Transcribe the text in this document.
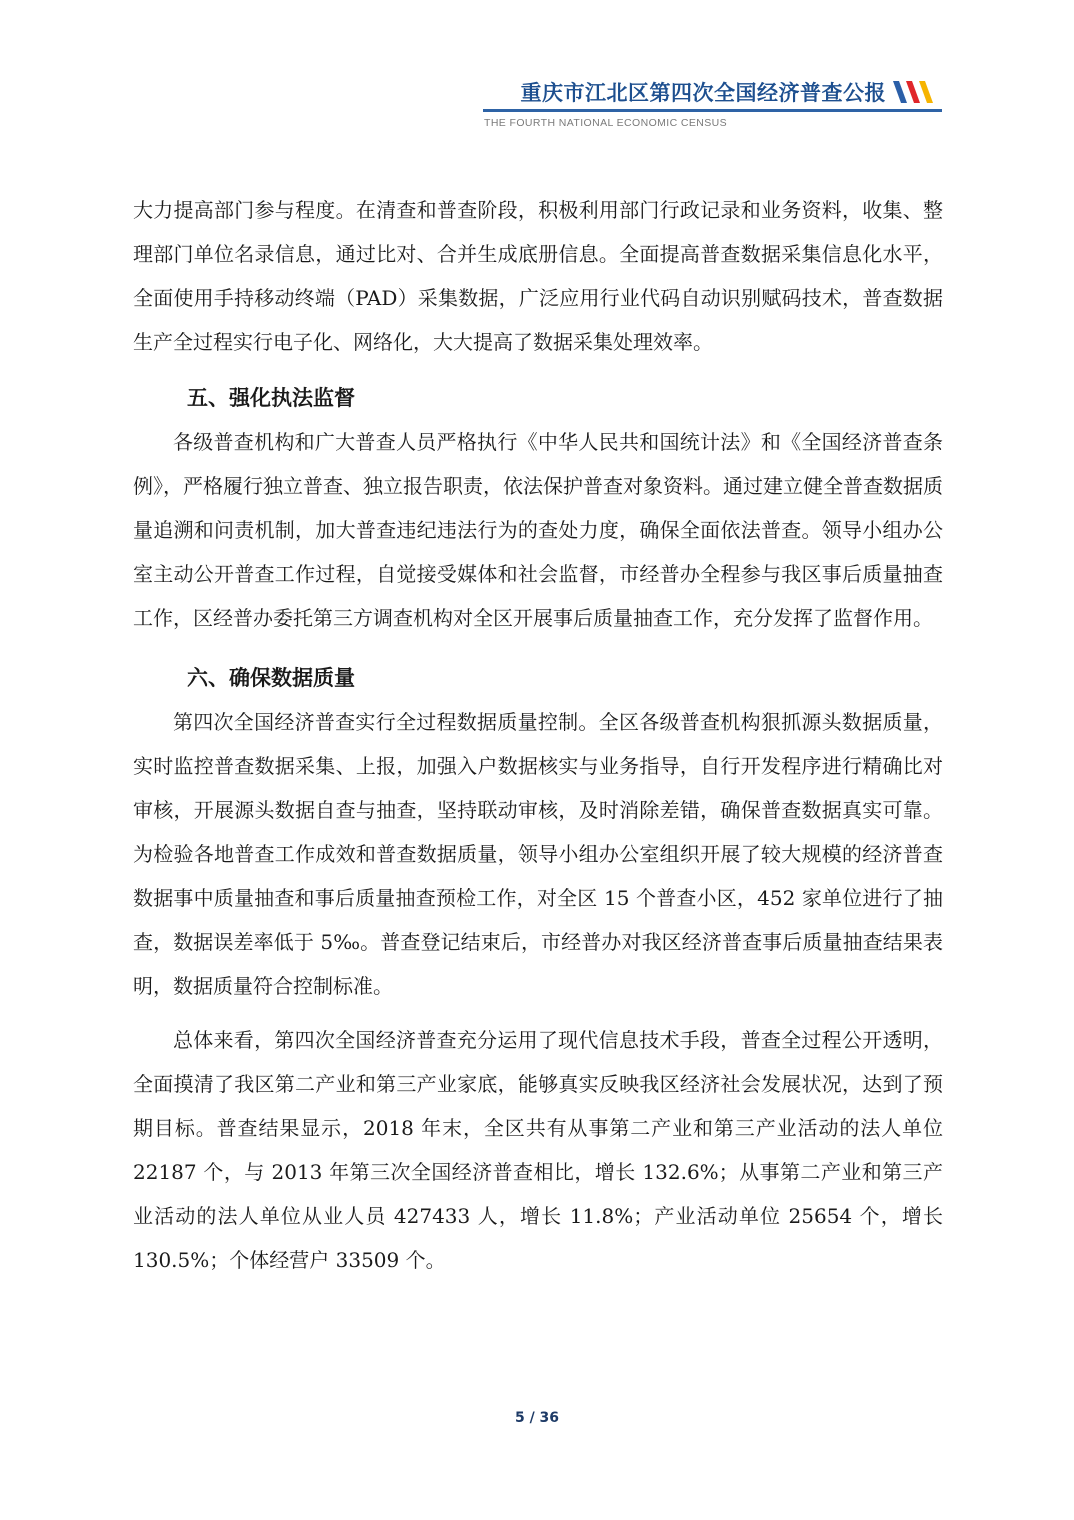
重庆市江北区第四次全国经济普查公报
THE FOURTH NATIONAL ECONOMIC CENSUS

大力提高部门参与程度。在清查和普查阶段，积极利用部门行政记录和业务资料，收集、整理部门单位名录信息，通过比对、合并生成底册信息。全面提高普查数据采集信息化水平，全面使用手持移动终端（PAD）采集数据，广泛应用行业代码自动识别赋码技术，普查数据生产全过程实行电子化、网络化，大大提高了数据采集处理效率。

五、强化执法监督

各级普查机构和广大普查人员严格执行《中华人民共和国统计法》和《全国经济普查条例》，严格履行独立普查、独立报告职责，依法保护普查对象资料。通过建立健全普查数据质量追溯和问责机制，加大普查违纪违法行为的查处力度，确保全面依法普查。领导小组办公室主动公开普查工作过程，自觉接受媒体和社会监督，市经普办全程参与我区事后质量抽查工作，区经普办委托第三方调查机构对全区开展事后质量抽查工作，充分发挥了监督作用。

六、确保数据质量

第四次全国经济普查实行全过程数据质量控制。全区各级普查机构狠抓源头数据质量，实时监控普查数据采集、上报，加强入户数据核实与业务指导，自行开发程序进行精确比对审核，开展源头数据自查与抽查，坚持联动审核，及时消除差错，确保普查数据真实可靠。为检验各地普查工作成效和普查数据质量，领导小组办公室组织开展了较大规模的经济普查数据事中质量抽查和事后质量抽查预检工作，对全区 15 个普查小区，452 家单位进行了抽查，数据误差率低于 5‰。普查登记结束后，市经普办对我区经济普查事后质量抽查结果表明，数据质量符合控制标准。

总体来看，第四次全国经济普查充分运用了现代信息技术手段，普查全过程公开透明，全面摸清了我区第二产业和第三产业家底，能够真实反映我区经济社会发展状况，达到了预期目标。普查结果显示，2018 年末，全区共有从事第二产业和第三产业活动的法人单位 22187 个，与 2013 年第三次全国经济普查相比，增长 132.6%；从事第二产业和第三产业活动的法人单位从业人员 427433 人，增长 11.8%；产业活动单位 25654 个，增长 130.5%；个体经营户 33509 个。

5 / 36
